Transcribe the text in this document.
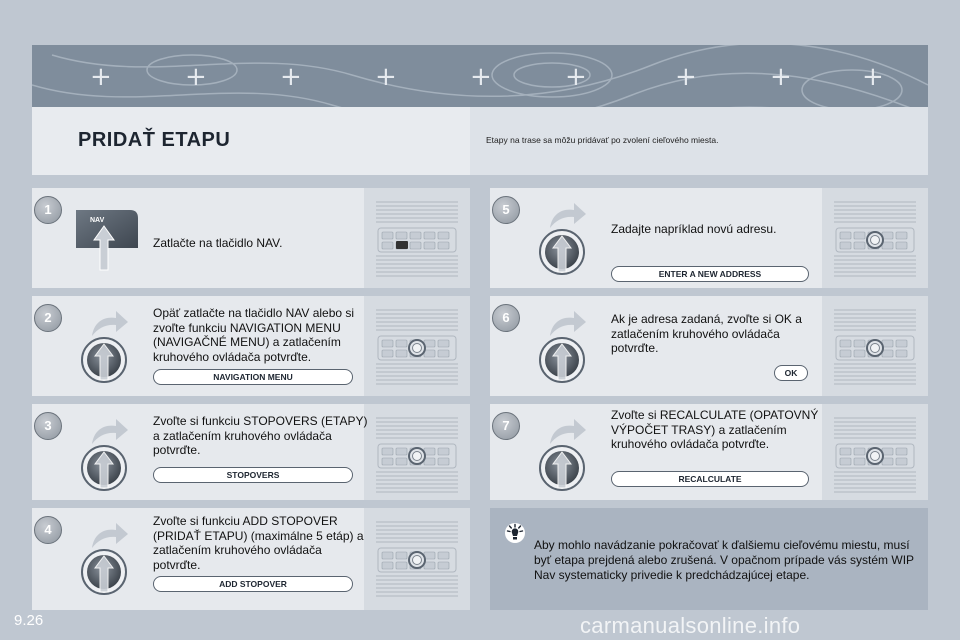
+	+	+	+	+	+	+	+	+
PRIDAŤ ETAPU	Etapy na trase sa môžu pridávať po zvolení cieľového miesta.
1
NAV
Zatlačte na tlačidlo NAV.
2	Opäť zatlačte na tlačidlo NAV alebo si zvoľte funkciu NAVIGATION MENU (NAVIGAČNÉ MENU) a zatlačením kruhového ovládača potvrďte.
NAVIGATION MENU
3	Zvoľte si funkciu STOPOVERS (ETAPY) a zatlačením kruhového ovládača potvrďte.
STOPOVERS
4
Zvoľte si funkciu ADD STOPOVER (PRIDAŤ ETAPU) (maximálne 5 etáp) a zatlačením kruhového ovládača potvrďte.
ADD STOPOVER
5
Zadajte napríklad novú adresu.
ENTER A NEW ADDRESS
6	Ak je adresa zadaná, zvoľte si OK a zatlačením kruhového ovládača potvrďte.
OK
7
Zvoľte si RECALCULATE (OPATOVNÝ VÝPOČET TRASY) a zatlačením kruhového ovládača potvrďte.
RECALCULATE
Aby mohlo navádzanie pokračovať k ďalšiemu cieľovému miestu, musí byť etapa prejdená alebo zrušená. V opačnom prípade vás systém WIP Nav systematicky privedie k predchádzajúcej etape.
9.26	carmanualsonline.info
